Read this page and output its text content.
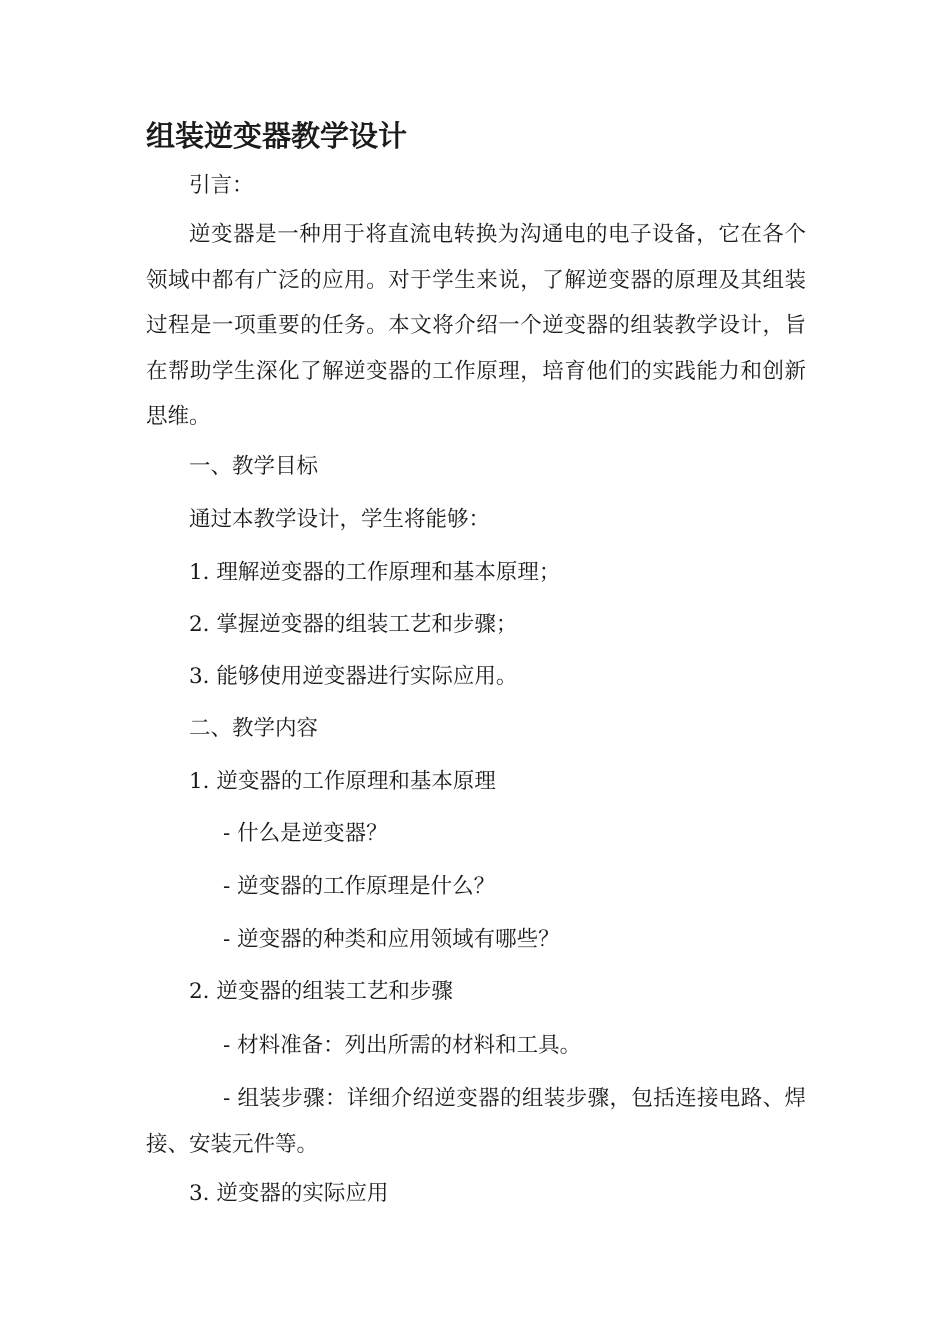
组装逆变器教学设计

引言：

逆变器是一种用于将直流电转换为沟通电的电子设备，它在各个领域中都有广泛的应用。对于学生来说，了解逆变器的原理及其组装过程是一项重要的任务。本文将介绍一个逆变器的组装教学设计，旨在帮助学生深化了解逆变器的工作原理，培育他们的实践能力和创新思维。

一、教学目标

通过本教学设计，学生将能够：

1. 理解逆变器的工作原理和基本原理；

2. 掌握逆变器的组装工艺和步骤；

3. 能够使用逆变器进行实际应用。

二、教学内容

1. 逆变器的工作原理和基本原理

- 什么是逆变器？

- 逆变器的工作原理是什么？

- 逆变器的种类和应用领域有哪些？

2. 逆变器的组装工艺和步骤

- 材料准备：列出所需的材料和工具。

- 组装步骤：详细介绍逆变器的组装步骤，包括连接电路、焊接、安装元件等。

3. 逆变器的实际应用
